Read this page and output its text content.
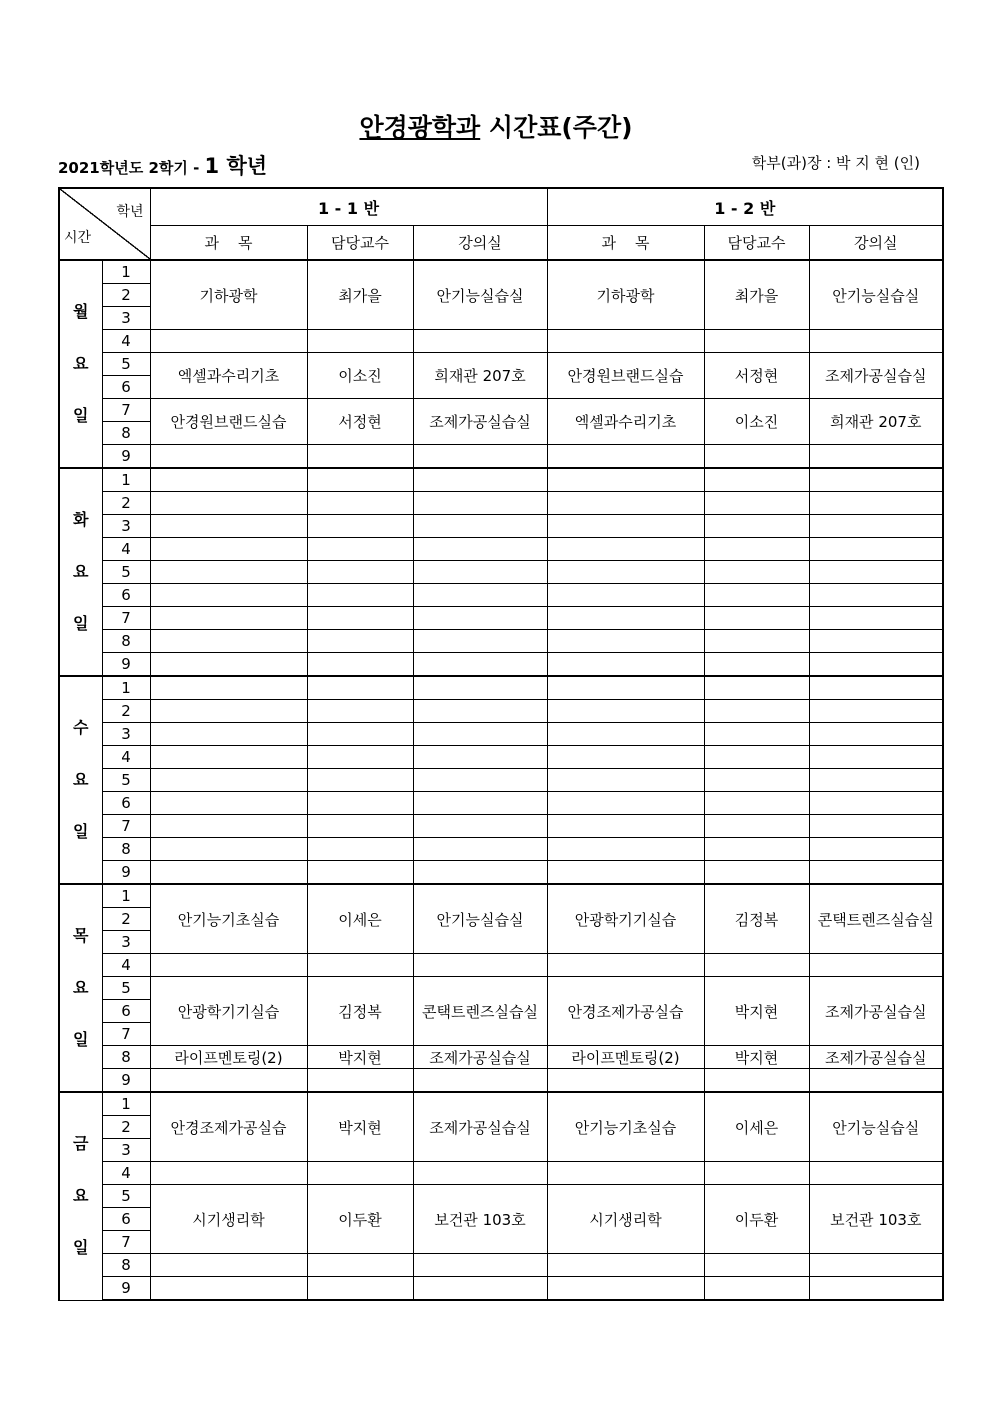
안경광학과 시간표(주간)
2021학년도 2학기 - 1 학년	학부(과)장 : 박 지 현 (인)
학년
시간		1 - 1 반			1 - 2 반		
		과    목	담당교수	강의실	과    목	담당교수	강의실

월
요
일	1	기하광학	최가을	안기능실습실	기하광학	최가을	안기능실습실
	2						
	3						
	4						
	5	엑셀과수리기초	이소진	희재관 207호	안경원브랜드실습	서정현	조제가공실습실
	6						
	7	안경원브랜드실습	서정현	조제가공실습실	엑셀과수리기초	이소진	희재관 207호
	8						
	9						

화
요
일	1						
	2						
	3						
	4						
	5						
	6						
	7						
	8						
	9						

수
요
일	1						
	2						
	3						
	4						
	5						
	6						
	7						
	8						
	9						

목
요
일	1	안기능기초실습	이세은	안기능실습실	안광학기기실습	김정복	콘택트렌즈실습실
	2						
	3						
	4						
	5	안광학기기실습	김정복	콘택트렌즈실습실	안경조제가공실습	박지현	조제가공실습실
	6						
	7						
	8	라이프멘토링(2)	박지현	조제가공실습실	라이프멘토링(2)	박지현	조제가공실습실
	9						

금
요
일	1	안경조제가공실습	박지현	조제가공실습실	안기능기초실습	이세은	안기능실습실
	2						
	3						
	4						
	5	시기생리학	이두환	보건관 103호	시기생리학	이두환	보건관 103호
	6						
	7						
	8						
	9						
